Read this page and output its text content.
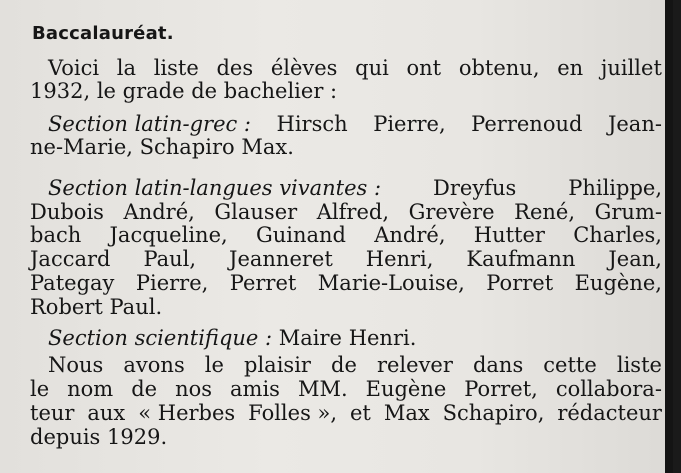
Baccalauréat.
Voici la liste des élèves qui ont obtenu, en juillet
1932, le grade de bachelier :
Section latin-grec : Hirsch Pierre, Perrenoud Jean-
ne-Marie, Schapiro Max.
Section latin-langues vivantes : Dreyfus Philippe,
Dubois André, Glauser Alfred, Grevère René, Grum-
bach Jacqueline, Guinand André, Hutter Charles,
Jaccard Paul, Jeanneret Henri, Kaufmann Jean,
Pategay Pierre, Perret Marie-Louise, Porret Eugène,
Robert Paul.
Section scientifique : Maire Henri.
Nous avons le plaisir de relever dans cette liste
le nom de nos amis MM. Eugène Porret, collabora-
teur aux « Herbes Folles », et Max Schapiro, rédacteur
depuis 1929.
